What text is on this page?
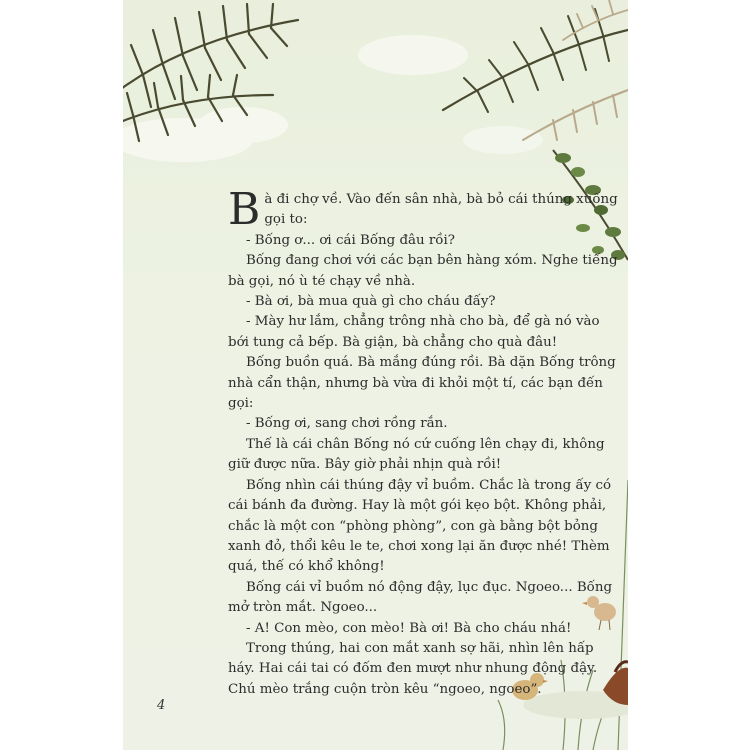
Bà đi chợ về. Vào đến sân nhà, bà bỏ cái thúng xuống gọi to:

- Bống ơ... ơi cái Bống đâu rồi?

Bống đang chơi với các bạn bên hàng xóm. Nghe tiếng bà gọi, nó ù té chạy về nhà.

- Bà ơi, bà mua quà gì cho cháu đấy?

- Mày hư lắm, chẳng trông nhà cho bà, để gà nó vào bới tung cả bếp. Bà giận, bà chẳng cho quà đâu!

Bống buồn quá. Bà mắng đúng rồi. Bà dặn Bống trông nhà cẩn thận, nhưng bà vừa đi khỏi một tí, các bạn đến gọi:

- Bống ơi, sang chơi rồng rắn.

Thế là cái chân Bống nó cứ cuống lên chạy đi, không giữ được nữa. Bây giờ phải nhịn quà rồi!

Bống nhìn cái thúng đậy vỉ buồm. Chắc là trong ấy có cái bánh đa đường. Hay là một gói kẹo bột. Không phải, chắc là một con “phòng phòng”, con gà bằng bột bỏng xanh đỏ, thổi kêu le te, chơi xong lại ăn được nhé! Thèm quá, thế có khổ không!

Bống cái vỉ buồm nó động đậy, lục đục. Ngoeo... Bống mở tròn mắt. Ngoeo...

- A! Con mèo, con mèo! Bà ơi! Bà cho cháu nhá!

Trong thúng, hai con mắt xanh sợ hãi, nhìn lên hấp háy. Hai cái tai có đốm đen mượt như nhung động đậy. Chú mèo trắng cuộn tròn kêu “ngoeo, ngoeo”.

4
